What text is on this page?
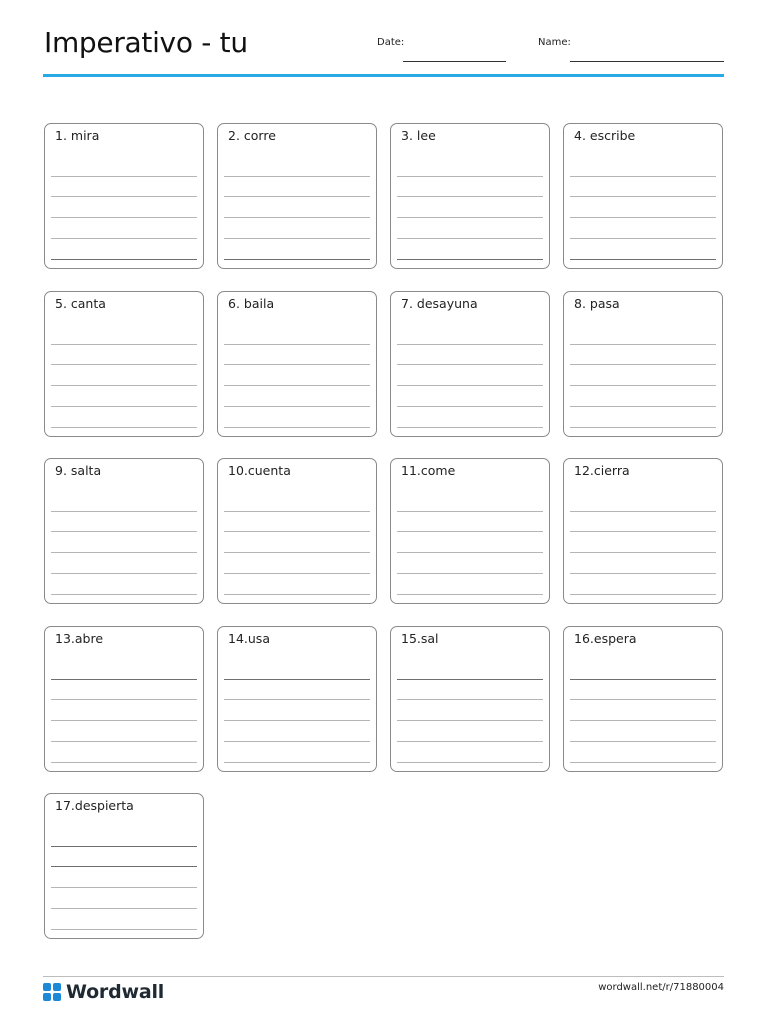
Imperativo - tu	Date:	Name:
1. mira	2. corre	3. lee	4. escribe
5. canta	6. baila	7. desayuna	8. pasa
9. salta	10.cuenta	11.come	12.cierra
13.abre	14.usa	15.sal	16.espera
17.despierta
Wordwall	wordwall.net/r/71880004
